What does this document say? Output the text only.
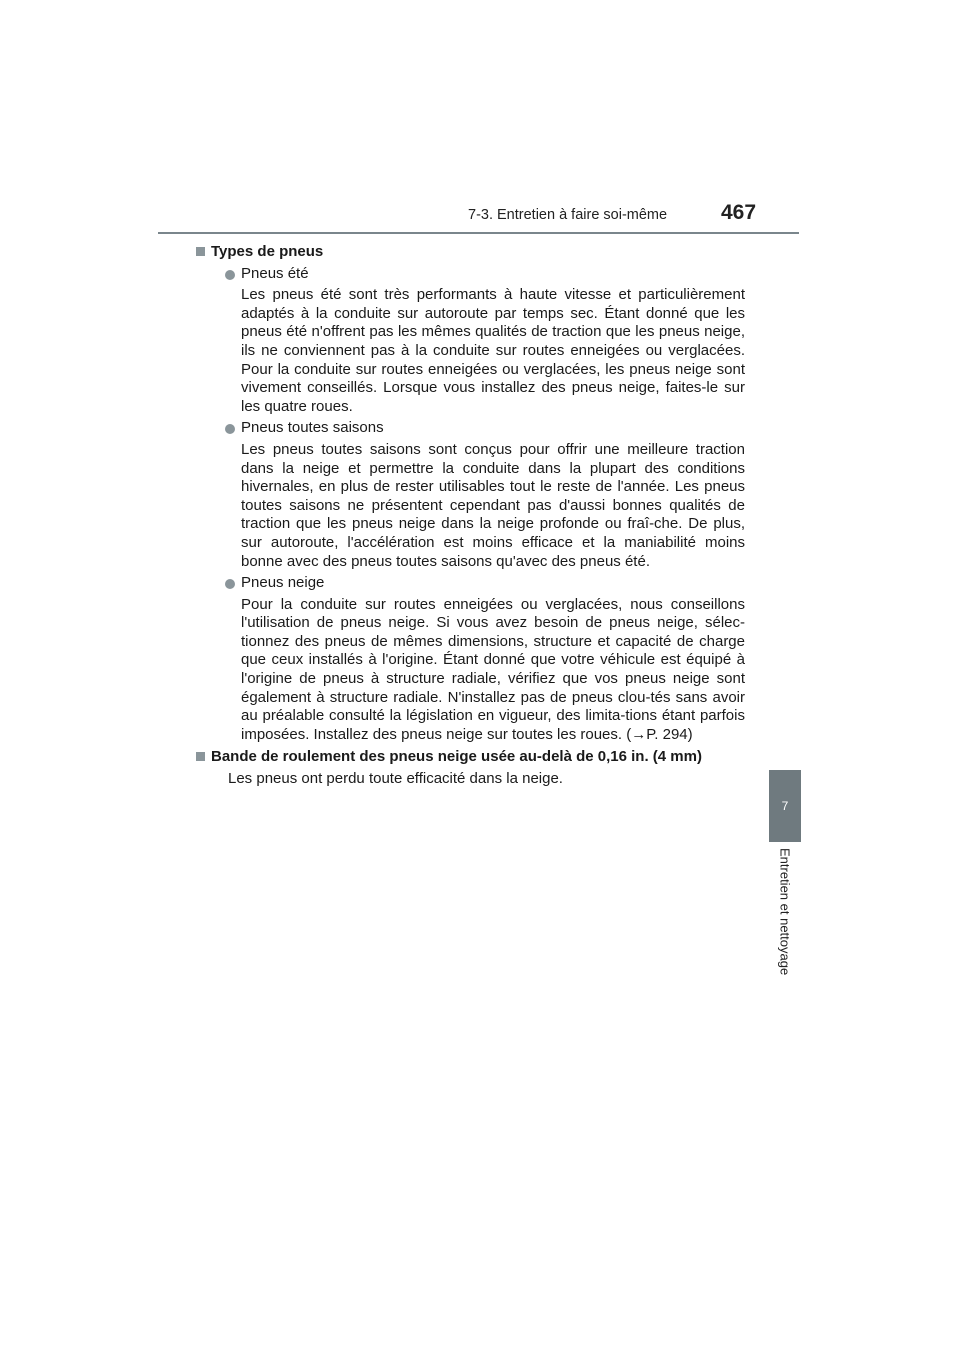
7-3. Entretien à faire soi-même	467
7
Entretien et nettoyage
Types de pneus
Pneus été
Les pneus été sont très performants à haute vitesse et particulièrement adaptés à la conduite sur autoroute par temps sec. Étant donné que les pneus été n'offrent pas les mêmes qualités de traction que les pneus neige, ils ne conviennent pas à la conduite sur routes enneigées ou verglacées. Pour la conduite sur routes enneigées ou verglacées, les pneus neige sont vivement conseillés. Lorsque vous installez des pneus neige, faites-le sur les quatre roues.
Pneus toutes saisons
Les pneus toutes saisons sont conçus pour offrir une meilleure traction dans la neige et permettre la conduite dans la plupart des conditions hivernales, en plus de rester utilisables tout le reste de l'année. Les pneus toutes saisons ne présentent cependant pas d'aussi bonnes qualités de traction que les pneus neige dans la neige profonde ou fraî-che. De plus, sur autoroute, l'accélération est moins efficace et la maniabilité moins bonne avec des pneus toutes saisons qu'avec des pneus été.
Pneus neige
Pour la conduite sur routes enneigées ou verglacées, nous conseillons l'utilisation de pneus neige. Si vous avez besoin de pneus neige, sélec-tionnez des pneus de mêmes dimensions, structure et capacité de charge que ceux installés à l'origine. Étant donné que votre véhicule est équipé à l'origine de pneus à structure radiale, vérifiez que vos pneus neige sont également à structure radiale. N'installez pas de pneus clou-tés sans avoir au préalable consulté la législation en vigueur, des limita-tions étant parfois imposées. Installez des pneus neige sur toutes les roues. (→P. 294)
Bande de roulement des pneus neige usée au-delà de 0,16 in. (4 mm)
Les pneus ont perdu toute efficacité dans la neige.
